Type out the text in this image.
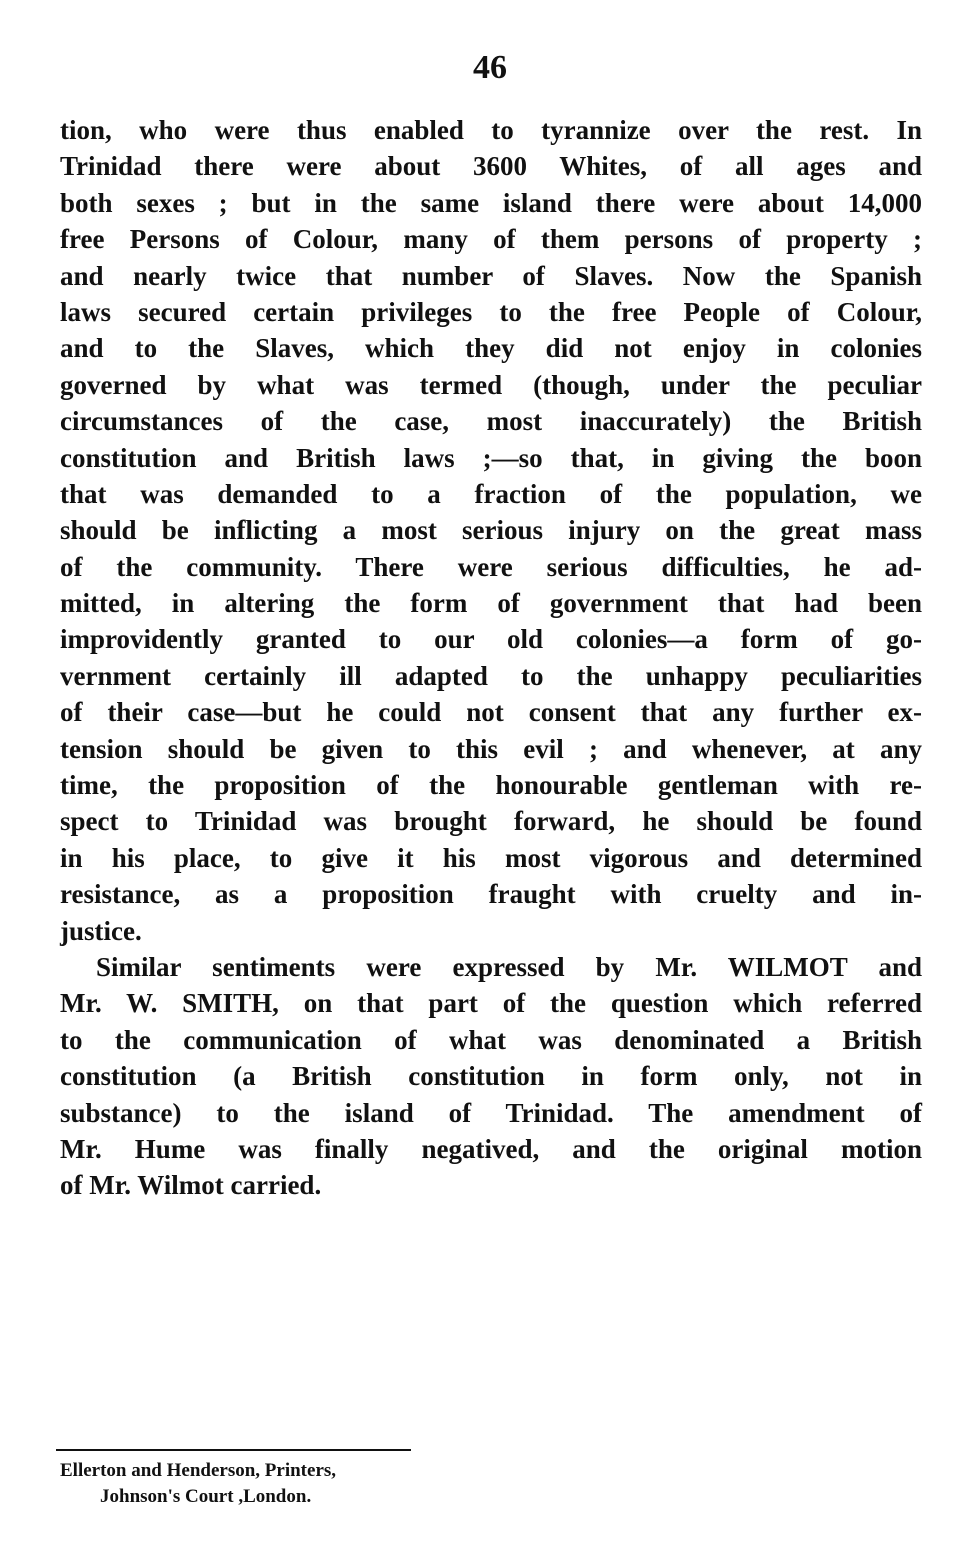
46
tion, who were thus enabled to tyrannize over the rest. In
Trinidad there were about 3600 Whites, of all ages and
both sexes ; but in the same island there were about 14,000
free Persons of Colour, many of them persons of property ;
and nearly twice that number of Slaves. Now the Spanish
laws secured certain privileges to the free People of Colour,
and to the Slaves, which they did not enjoy in colonies
governed by what was termed (though, under the peculiar
circumstances of the case, most inaccurately) the British
constitution and British laws ;—so that, in giving the boon
that was demanded to a fraction of the population, we
should be inflicting a most serious injury on the great mass
of the community. There were serious difficulties, he ad-
mitted, in altering the form of government that had been
improvidently granted to our old colonies—a form of go-
vernment certainly ill adapted to the unhappy peculiarities
of their case—but he could not consent that any further ex-
tension should be given to this evil ; and whenever, at any
time, the proposition of the honourable gentleman with re-
spect to Trinidad was brought forward, he should be found
in his place, to give it his most vigorous and determined
resistance, as a proposition fraught with cruelty and in-
justice.
Similar sentiments were expressed by Mr. WILMOT and
Mr. W. SMITH, on that part of the question which referred
to the communication of what was denominated a British
constitution (a British constitution in form only, not in
substance) to the island of Trinidad. The amendment of
Mr. Hume was finally negatived, and the original motion
of Mr. Wilmot carried.
Ellerton and Henderson, Printers,
Johnson's Court ,London.
